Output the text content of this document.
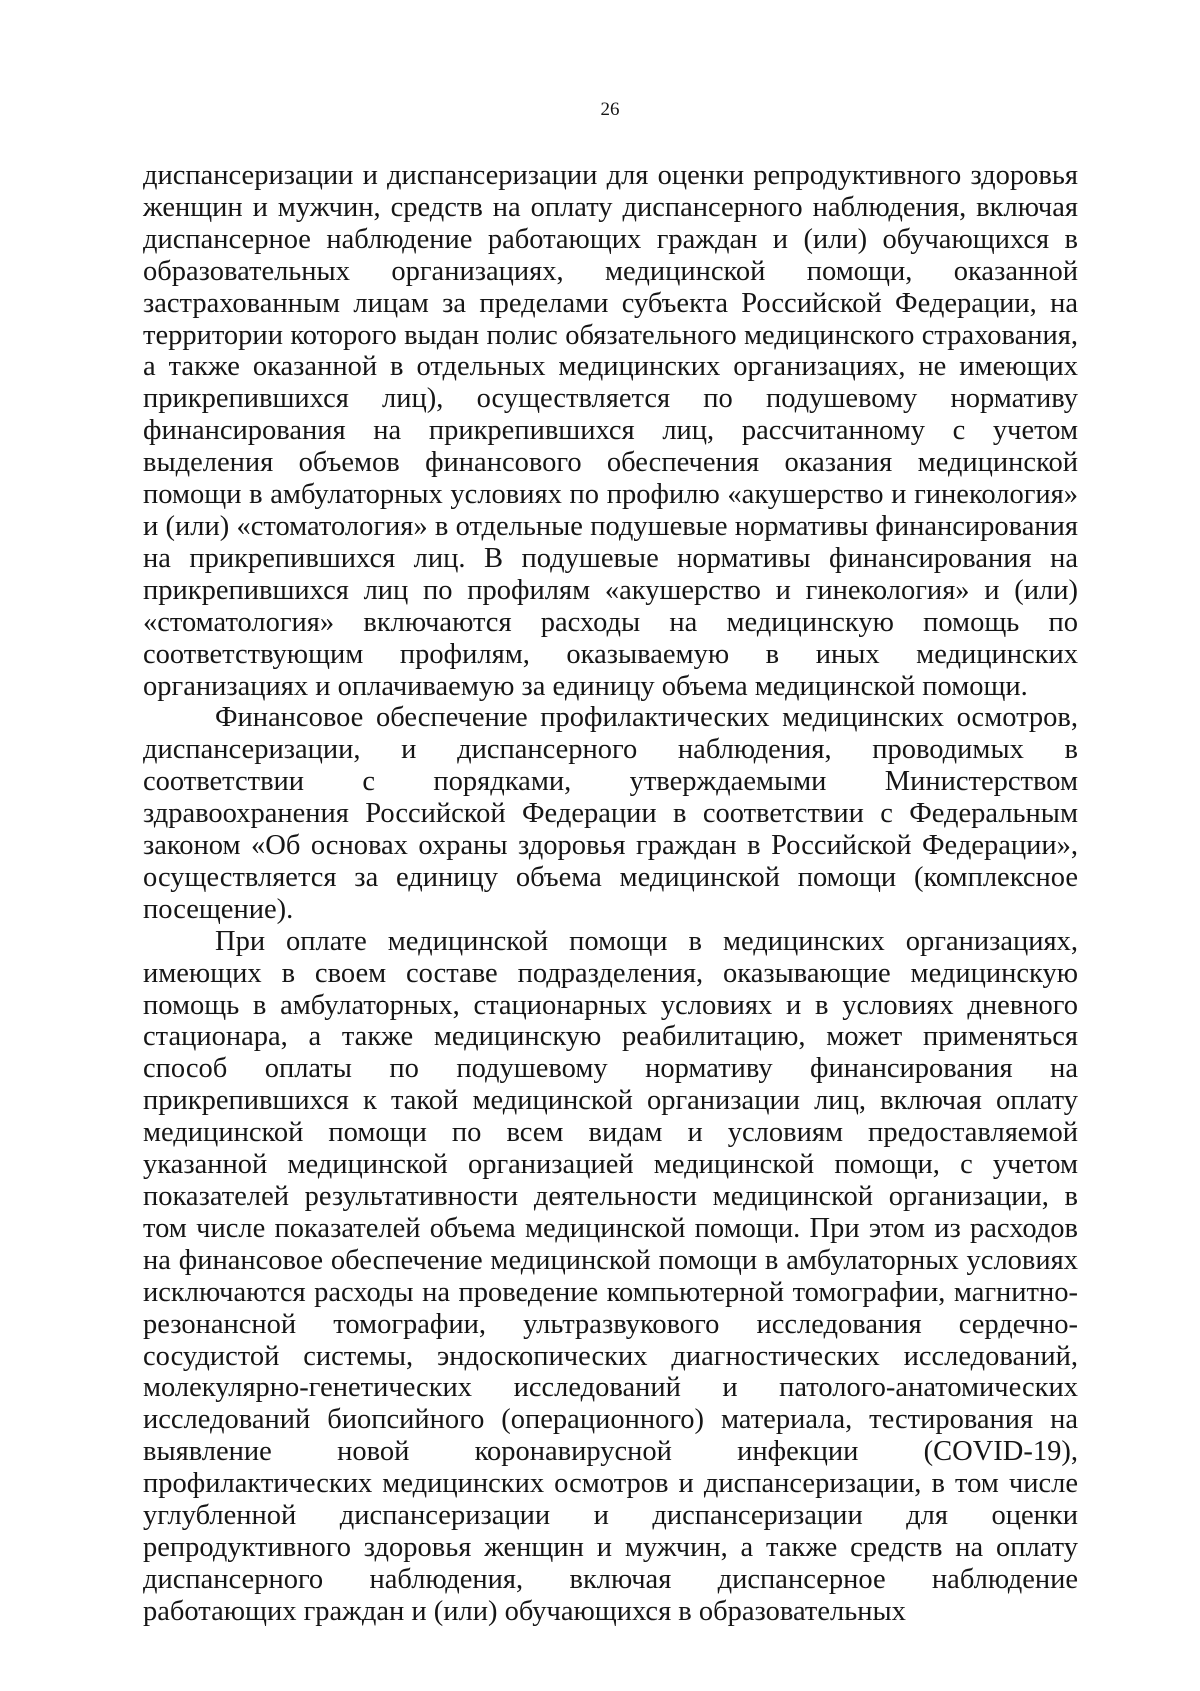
26

диспансеризации и диспансеризации для оценки репродуктивного здоровья женщин и мужчин, средств на оплату диспансерного наблюдения, включая диспансерное наблюдение работающих граждан и (или) обучающихся в образовательных организациях, медицинской помощи, оказанной застрахованным лицам за пределами субъекта Российской Федерации, на территории которого выдан полис обязательного медицинского страхования, а также оказанной в отдельных медицинских организациях, не имеющих прикрепившихся лиц), осуществляется по подушевому нормативу финансирования на прикрепившихся лиц, рассчитанному с учетом выделения объемов финансового обеспечения оказания медицинской помощи в амбулаторных условиях по профилю «акушерство и гинекология» и (или) «стоматология» в отдельные подушевые нормативы финансирования на прикрепившихся лиц. В подушевые нормативы финансирования на прикрепившихся лиц по профилям «акушерство и гинекология» и (или) «стоматология» включаются расходы на медицинскую помощь по соответствующим профилям, оказываемую в иных медицинских организациях и оплачиваемую за единицу объема медицинской помощи.

Финансовое обеспечение профилактических медицинских осмотров, диспансеризации, и диспансерного наблюдения, проводимых в соответствии с порядками, утверждаемыми Министерством здравоохранения Российской Федерации в соответствии с Федеральным законом «Об основах охраны здоровья граждан в Российской Федерации», осуществляется за единицу объема медицинской помощи (комплексное посещение).

При оплате медицинской помощи в медицинских организациях, имеющих в своем составе подразделения, оказывающие медицинскую помощь в амбулаторных, стационарных условиях и в условиях дневного стационара, а также медицинскую реабилитацию, может применяться способ оплаты по подушевому нормативу финансирования на прикрепившихся к такой медицинской организации лиц, включая оплату медицинской помощи по всем видам и условиям предоставляемой указанной медицинской организацией медицинской помощи, с учетом показателей результативности деятельности медицинской организации, в том числе показателей объема медицинской помощи. При этом из расходов на финансовое обеспечение медицинской помощи в амбулаторных условиях исключаются расходы на проведение компьютерной томографии, магнитно-резонансной томографии, ультразвукового исследования сердечно-сосудистой системы, эндоскопических диагностических исследований, молекулярно-генетических исследований и патолого-анатомических исследований биопсийного (операционного) материала, тестирования на выявление новой коронавирусной инфекции (COVID-19), профилактических медицинских осмотров и диспансеризации, в том числе углубленной диспансеризации и диспансеризации для оценки репродуктивного здоровья женщин и мужчин, а также средств на оплату диспансерного наблюдения, включая диспансерное наблюдение работающих граждан и (или) обучающихся в образовательных
